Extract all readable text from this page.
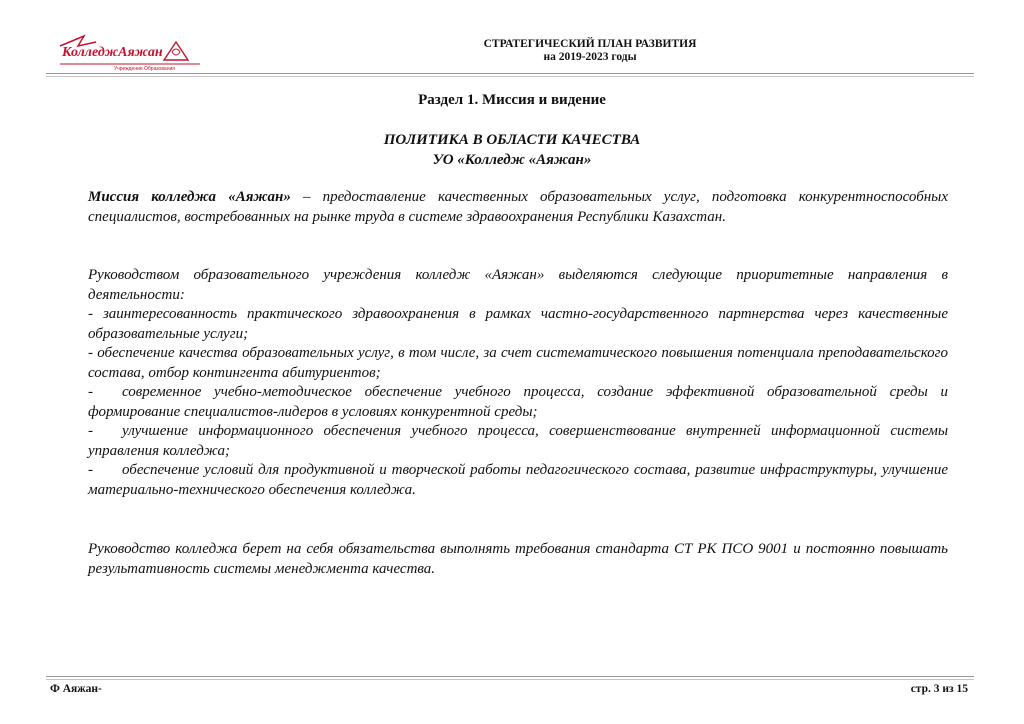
КолледжАяжан
Учреждение Образования
СТРАТЕГИЧЕСКИЙ ПЛАН РАЗВИТИЯ
на 2019-2023 годы
Раздел 1. Миссия и видение
ПОЛИТИКА В ОБЛАСТИ КАЧЕСТВА
УО «Колледж «Аяжан»

Миссия колледжа «Аяжан» – предоставление качественных образовательных услуг, подготовка конкурентноспособных специалистов, востребованных на рынке труда в системе здравоохранения Республики Казахстан.

Руководством образовательного учреждения колледж «Аяжан» выделяются следующие приоритетные направления в деятельности:
- заинтересованность практического здравоохранения в рамках частно-государственного партнерства через качественные образовательные услуги;
- обеспечение качества образовательных услуг, в том числе, за счет систематического повышения потенциала преподавательского состава, отбор контингента абитуриентов;
- современное учебно-методическое обеспечение учебного процесса, создание эффективной образовательной среды и формирование специалистов-лидеров в условиях конкурентной среды;
- улучшение информационного обеспечения учебного процесса, совершенствование внутренней информационной системы управления колледжа;
- обеспечение условий для продуктивной и творческой работы педагогического состава, развитие инфраструктуры, улучшение материально-технического обеспечения колледжа.

Руководство колледжа берет на себя обязательства выполнять требования стандарта СТ РК ПСО 9001 и постоянно повышать результативность системы менеджмента качества.

Ф Аяжан-	стр. 3 из 15
